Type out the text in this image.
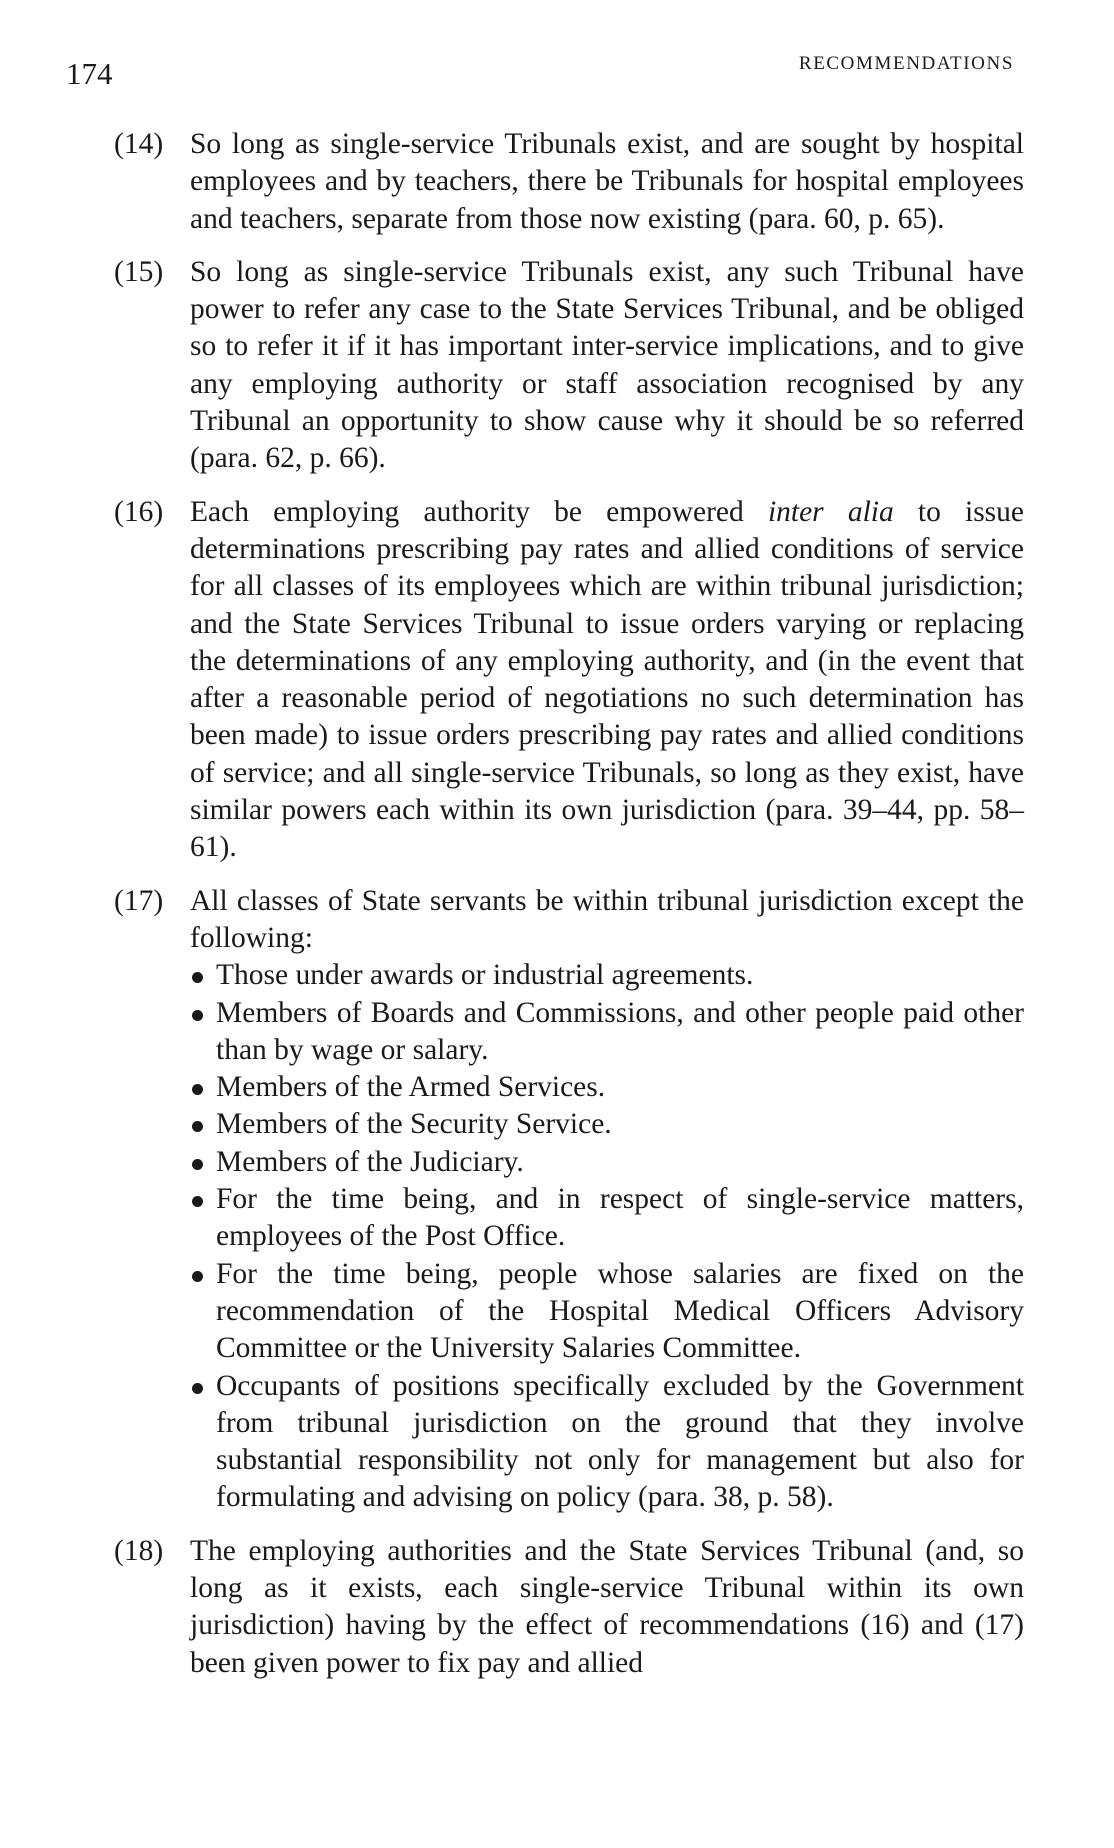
174	RECOMMENDATIONS
(14) So long as single-service Tribunals exist, and are sought by hospital employees and by teachers, there be Tribunals for hospital employees and teachers, separate from those now existing (para. 60, p. 65).
(15) So long as single-service Tribunals exist, any such Tribunal have power to refer any case to the State Services Tribunal, and be obliged so to refer it if it has important inter-service implications, and to give any employing authority or staff association recognised by any Tribunal an opportunity to show cause why it should be so referred (para. 62, p. 66).
(16) Each employing authority be empowered inter alia to issue determinations prescribing pay rates and allied conditions of service for all classes of its employees which are within tribunal jurisdiction; and the State Services Tribunal to issue orders varying or replacing the determinations of any employing authority, and (in the event that after a reasonable period of negotiations no such determination has been made) to issue orders prescribing pay rates and allied conditions of service; and all single-service Tribunals, so long as they exist, have similar powers each within its own jurisdiction (para. 39–44, pp. 58–61).
(17) All classes of State servants be within tribunal jurisdiction except the following:
Those under awards or industrial agreements.
Members of Boards and Commissions, and other people paid other than by wage or salary.
Members of the Armed Services.
Members of the Security Service.
Members of the Judiciary.
For the time being, and in respect of single-service matters, employees of the Post Office.
For the time being, people whose salaries are fixed on the recommendation of the Hospital Medical Officers Advisory Committee or the University Salaries Committee.
Occupants of positions specifically excluded by the Government from tribunal jurisdiction on the ground that they involve substantial responsibility not only for management but also for formulating and advising on policy (para. 38, p. 58).
(18) The employing authorities and the State Services Tribunal (and, so long as it exists, each single-service Tribunal within its own jurisdiction) having by the effect of recommendations (16) and (17) been given power to fix pay and allied
